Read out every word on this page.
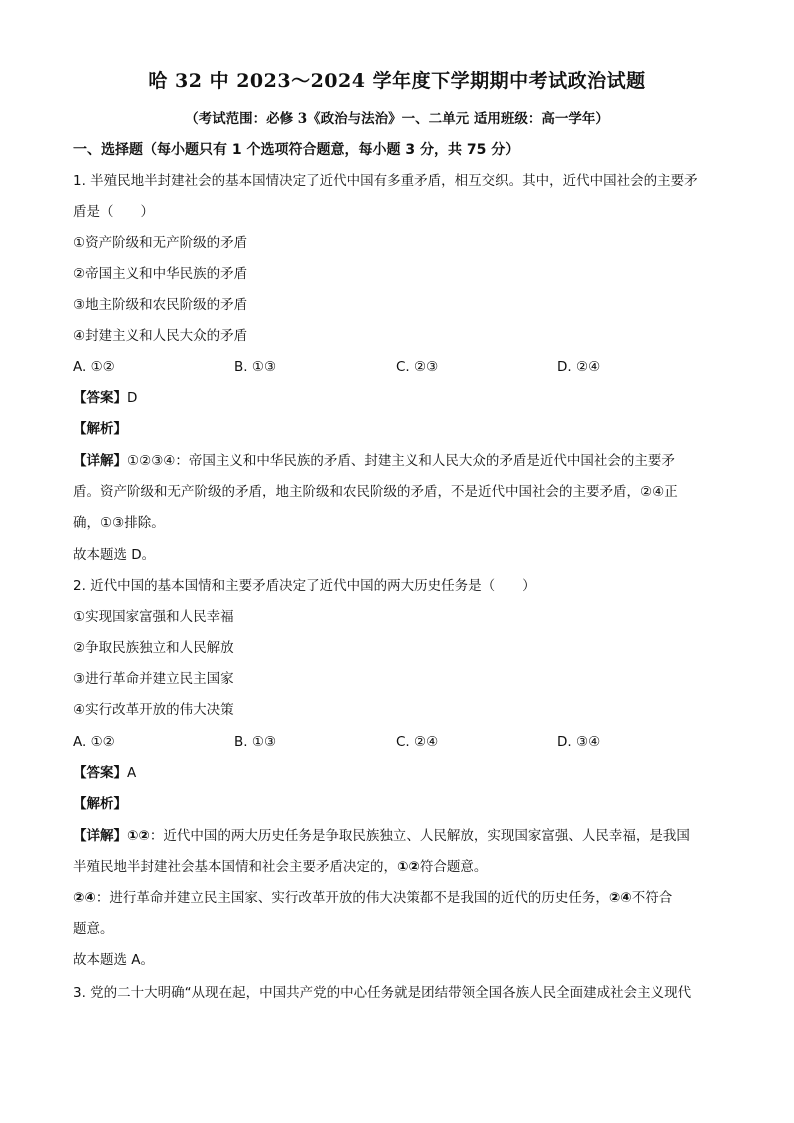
哈 32 中 2023～2024 学年度下学期期中考试政治试题
（考试范围：必修 3《政治与法治》一、二单元 适用班级：高一学年）
一、选择题（每小题只有 1 个选项符合题意，每小题 3 分，共 75 分）
1. 半殖民地半封建社会的基本国情决定了近代中国有多重矛盾，相互交织。其中，近代中国社会的主要矛
盾是（　　）
①资产阶级和无产阶级的矛盾
②帝国主义和中华民族的矛盾
③地主阶级和农民阶级的矛盾
④封建主义和人民大众的矛盾
A. ①②	B. ①③	C. ②③	D. ②④
【答案】D
【解析】
【详解】①②③④：帝国主义和中华民族的矛盾、封建主义和人民大众的矛盾是近代中国社会的主要矛
盾。资产阶级和无产阶级的矛盾，地主阶级和农民阶级的矛盾，不是近代中国社会的主要矛盾，②④正
确，①③排除。
故本题选 D。
2. 近代中国的基本国情和主要矛盾决定了近代中国的两大历史任务是（　　）
①实现国家富强和人民幸福
②争取民族独立和人民解放
③进行革命并建立民主国家
④实行改革开放的伟大决策
A. ①②	B. ①③	C. ②④	D. ③④
【答案】A
【解析】
【详解】①②：近代中国的两大历史任务是争取民族独立、人民解放，实现国家富强、人民幸福，是我国
半殖民地半封建社会基本国情和社会主要矛盾决定的，①②符合题意。
②④：进行革命并建立民主国家、实行改革开放的伟大决策都不是我国的近代的历史任务，②④不符合
题意。
故本题选 A。
3. 党的二十大明确“从现在起，中国共产党的中心任务就是团结带领全国各族人民全面建成社会主义现代
